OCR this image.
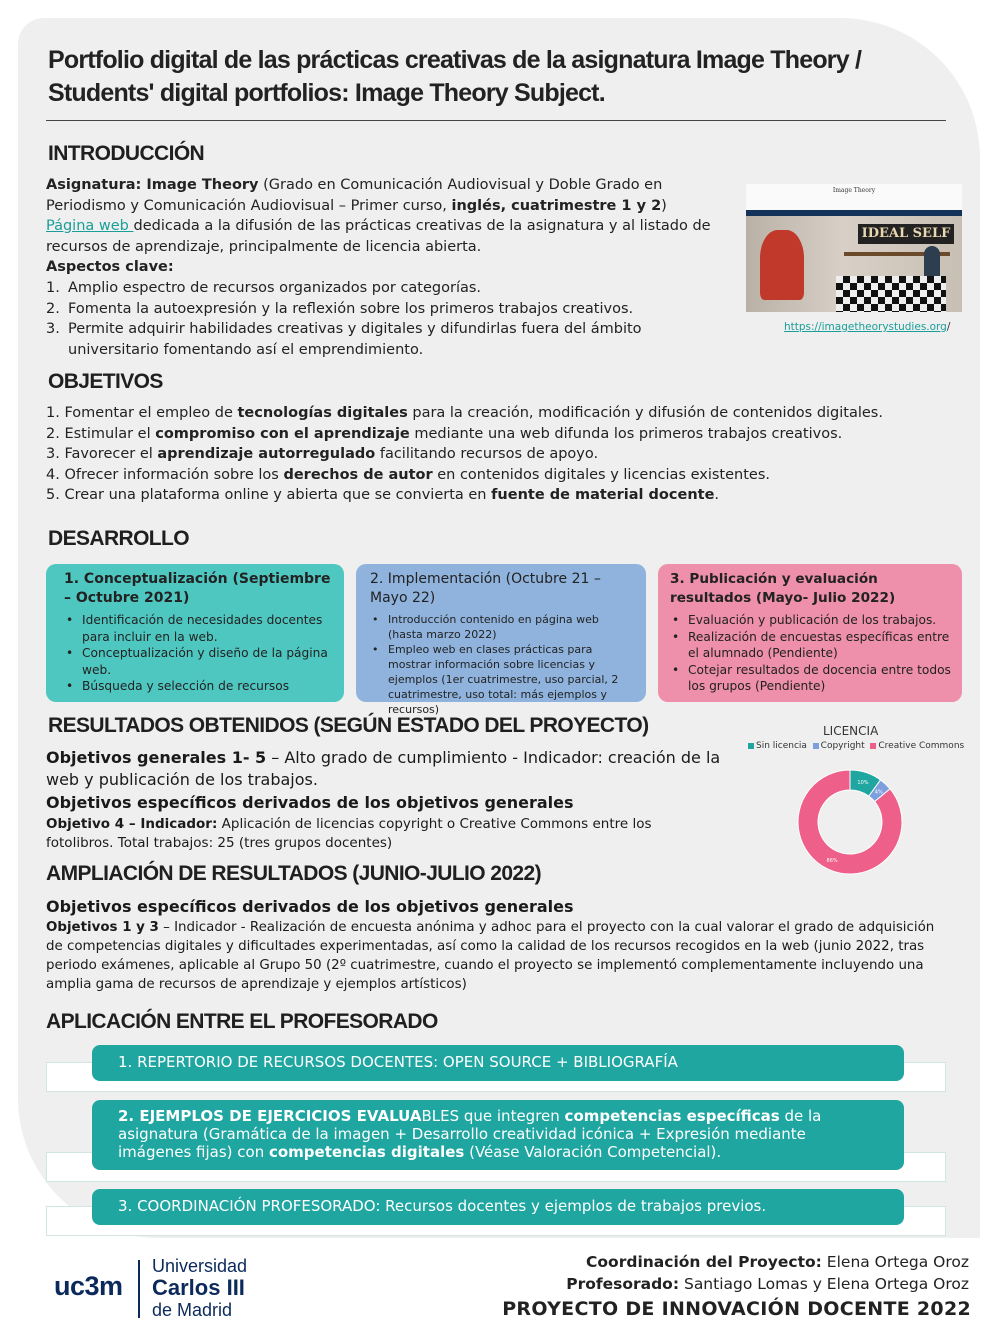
Portfolio digital de las prácticas creativas de la asignatura Image Theory / Students' digital portfolios: Image Theory Subject.
INTRODUCCIÓN
Asignatura: Image Theory (Grado en Comunicación Audiovisual y Doble Grado en Periodismo y Comunicación Audiovisual – Primer curso, inglés, cuatrimestre 1 y 2)
Página web dedicada a la difusión de las prácticas creativas de la asignatura y al listado de recursos de aprendizaje, principalmente de licencia abierta.
Aspectos clave:
1. Amplio espectro de recursos organizados por categorías.
2. Fomenta la autoexpresión y la reflexión sobre los primeros trabajos creativos.
3. Permite adquirir habilidades creativas y digitales y difundirlas fuera del ámbito universitario fomentando así el emprendimiento.
Image Theory
IDEAL SELF
https://imagetheorystudies.org/
OBJETIVOS
1. Fomentar el empleo de tecnologías digitales para la creación, modificación y difusión de contenidos digitales.
2. Estimular el compromiso con el aprendizaje mediante una web difunda los primeros trabajos creativos.
3. Favorecer el aprendizaje autorregulado facilitando recursos de apoyo.
4. Ofrecer información sobre los derechos de autor en contenidos digitales y licencias existentes.
5. Crear una plataforma online y abierta que se convierta en fuente de material docente.
DESARROLLO
1. Conceptualización (Septiembre – Octubre 2021)
• Identificación de necesidades docentes para incluir en la web.
• Conceptualización y diseño de la página web.
• Búsqueda y selección de recursos
2. Implementación (Octubre 21 – Mayo 22)
• Introducción contenido en página web (hasta marzo 2022)
• Empleo web en clases prácticas para mostrar información sobre licencias y ejemplos (1er cuatrimestre, uso parcial, 2 cuatrimestre, uso total: más ejemplos y recursos)
3. Publicación y evaluación resultados (Mayo- Julio 2022)
• Evaluación y publicación de los trabajos.
• Realización de encuestas específicas entre el alumnado (Pendiente)
• Cotejar resultados de docencia entre todos los grupos (Pendiente)
RESULTADOS OBTENIDOS (SEGÚN ESTADO DEL PROYECTO)
Objetivos generales 1- 5 – Alto grado de cumplimiento - Indicador: creación de la web y publicación de los trabajos.
Objetivos específicos derivados de los objetivos generales
Objetivo 4 – Indicador: Aplicación de licencias copyright o Creative Commons entre los fotolibros. Total trabajos: 25 (tres grupos docentes)
LICENCIA
Sin licencia Copyright Creative Commons
10%
4%
86%
AMPLIACIÓN DE RESULTADOS (JUNIO-JULIO 2022)
Objetivos específicos derivados de los objetivos generales
Objetivos 1 y 3 – Indicador - Realización de encuesta anónima y adhoc para el proyecto con la cual valorar el grado de adquisición de competencias digitales y dificultades experimentadas, así como la calidad de los recursos recogidos en la web (junio 2022, tras periodo exámenes, aplicable al Grupo 50 (2º cuatrimestre, cuando el proyecto se implementó complementamente incluyendo una amplia gama de recursos de aprendizaje y ejemplos artísticos)
APLICACIÓN ENTRE EL PROFESORADO
1. REPERTORIO DE RECURSOS DOCENTES: OPEN SOURCE + BIBLIOGRAFÍA
2. EJEMPLOS DE EJERCICIOS EVALUABLES que integren competencias específicas de la asignatura (Gramática de la imagen + Desarrollo creatividad icónica + Expresión mediante imágenes fijas) con competencias digitales (Véase Valoración Competencial).
3. COORDINACIÓN PROFESORADO: Recursos docentes y ejemplos de trabajos previos.
uc3m
Universidad
Carlos III
de Madrid
Coordinación del Proyecto: Elena Ortega Oroz
Profesorado: Santiago Lomas y Elena Ortega Oroz
PROYECTO DE INNOVACIÓN DOCENTE 2022
